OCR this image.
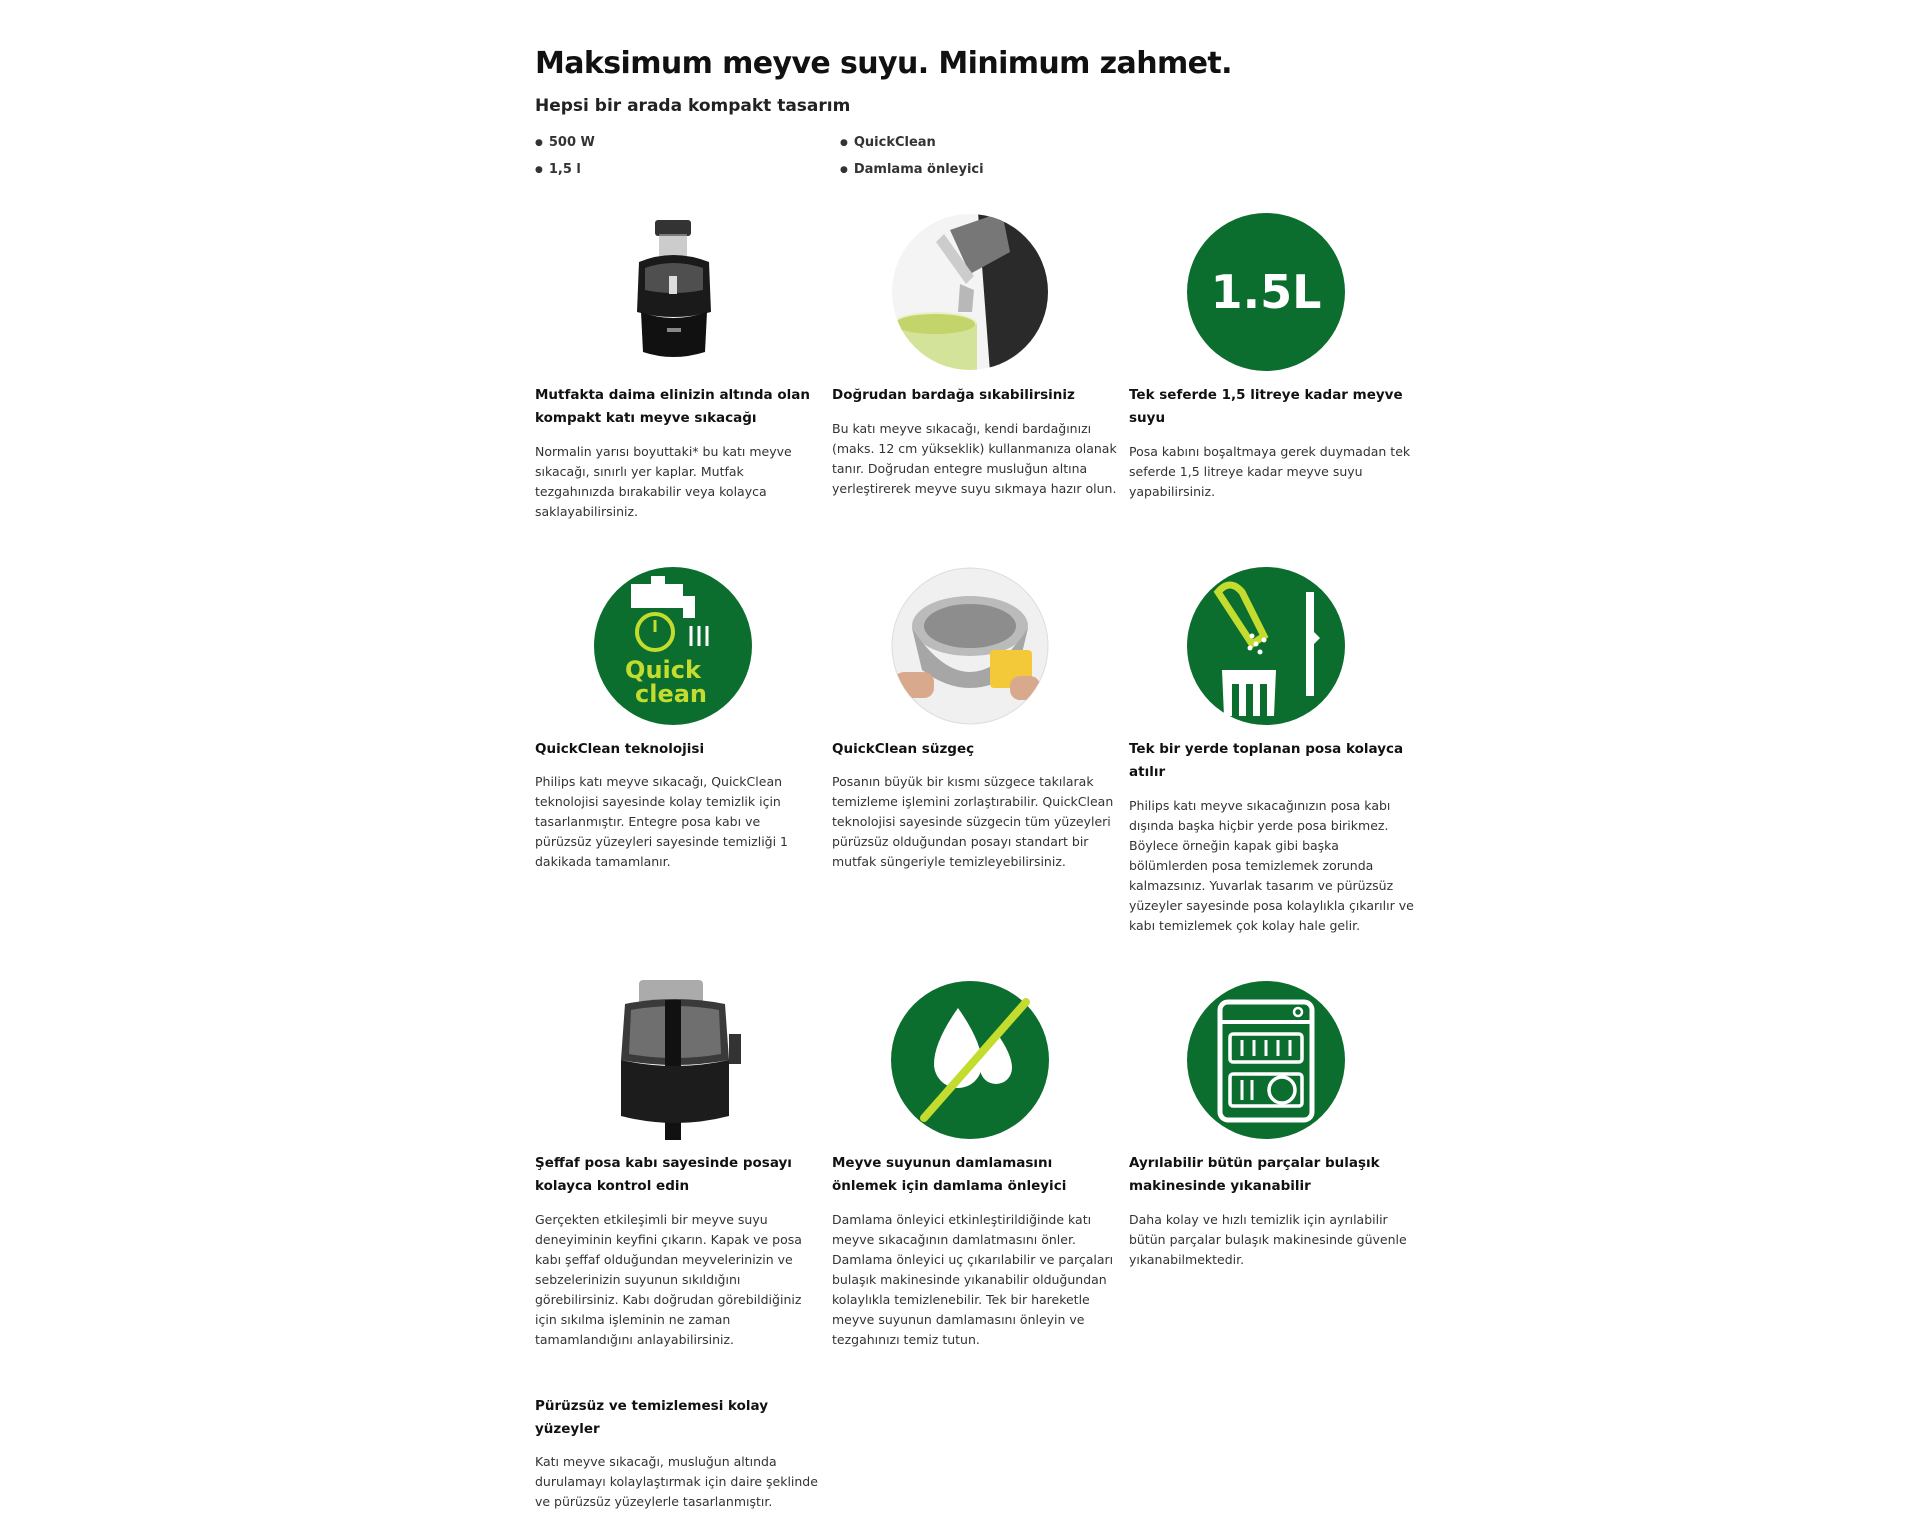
Maksimum meyve suyu. Minimum zahmet.
Hepsi bir arada kompakt tasarım
● 500 W
● 1,5 l
● QuickClean
● Damlama önleyici
1.5L
Mutfakta daima elinizin altında olan kompakt katı meyve sıkacağı
Doğrudan bardağa sıkabilirsiniz	Tek seferde 1,5 litreye kadar meyve suyu
Normalin yarısı boyuttaki* bu katı meyve sıkacağı, sınırlı yer kaplar. Mutfak tezgahınızda bırakabilir veya kolayca saklayabilirsiniz.
Bu katı meyve sıkacağı, kendi bardağınızı (maks. 12 cm yükseklik) kullanmanıza olanak tanır. Doğrudan entegre musluğun altına yerleştirerek meyve suyu sıkmaya hazır olun.
Posa kabını boşaltmaya gerek duymadan tek seferde 1,5 litreye kadar meyve suyu yapabilirsiniz.
Quick
clean
QuickClean teknolojisi	QuickClean süzgeç	Tek bir yerde toplanan posa kolayca atılır
Philips katı meyve sıkacağı, QuickClean teknolojisi sayesinde kolay temizlik için tasarlanmıştır. Entegre posa kabı ve pürüzsüz yüzeyleri sayesinde temizliği 1 dakikada tamamlanır.
Posanın büyük bir kısmı süzgece takılarak temizleme işlemini zorlaştırabilir. QuickClean teknolojisi sayesinde süzgecin tüm yüzeyleri pürüzsüz olduğundan posayı standart bir mutfak süngeriyle temizleyebilirsiniz.
Philips katı meyve sıkacağınızın posa kabı dışında başka hiçbir yerde posa birikmez. Böylece örneğin kapak gibi başka bölümlerden posa temizlemek zorunda kalmazsınız. Yuvarlak tasarım ve pürüzsüz yüzeyler sayesinde posa kolaylıkla çıkarılır ve kabı temizlemek çok kolay hale gelir.
Şeffaf posa kabı sayesinde posayı kolayca kontrol edin
Meyve suyunun damlamasını önlemek için damlama önleyici
Ayrılabilir bütün parçalar bulaşık makinesinde yıkanabilir
Gerçekten etkileşimli bir meyve suyu deneyiminin keyfini çıkarın. Kapak ve posa kabı şeffaf olduğundan meyvelerinizin ve sebzelerinizin suyunun sıkıldığını görebilirsiniz. Kabı doğrudan görebildiğiniz için sıkılma işleminin ne zaman tamamlandığını anlayabilirsiniz.
Damlama önleyici etkinleştirildiğinde katı meyve sıkacağının damlatmasını önler. Damlama önleyici uç çıkarılabilir ve parçaları bulaşık makinesinde yıkanabilir olduğundan kolaylıkla temizlenebilir. Tek bir hareketle meyve suyunun damlamasını önleyin ve tezgahınızı temiz tutun.
Daha kolay ve hızlı temizlik için ayrılabilir bütün parçalar bulaşık makinesinde güvenle yıkanabilmektedir.
Pürüzsüz ve temizlemesi kolay yüzeyler
Katı meyve sıkacağı, musluğun altında durulamayı kolaylaştırmak için daire şeklinde ve pürüzsüz yüzeylerle tasarlanmıştır.
